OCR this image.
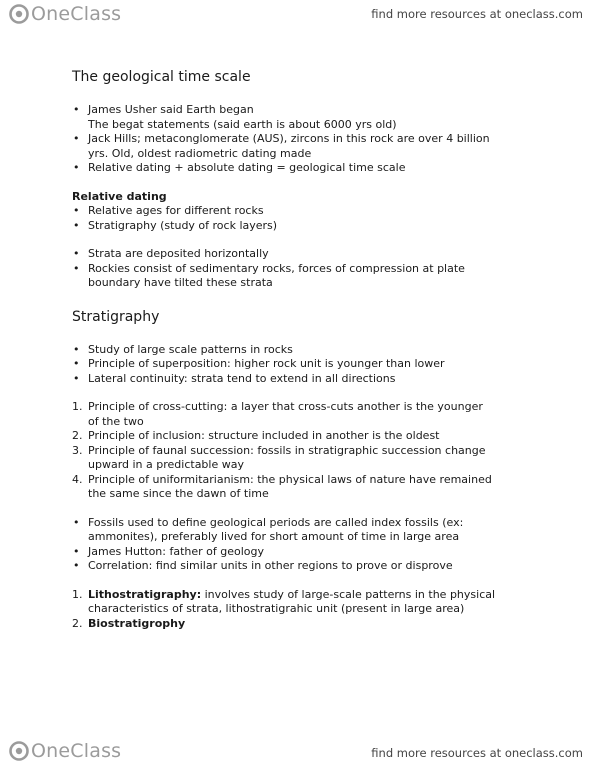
OneClass	find more resources at oneclass.com
The geological time scale
• James Usher said Earth began
The begat statements (said earth is about 6000 yrs old)
• Jack Hills; metaconglomerate (AUS), zircons in this rock are over 4 billion
yrs. Old, oldest radiometric dating made
• Relative dating + absolute dating = geological time scale
Relative dating
• Relative ages for different rocks
• Stratigraphy (study of rock layers)
• Strata are deposited horizontally
• Rockies consist of sedimentary rocks, forces of compression at plate
boundary have tilted these strata
Stratigraphy
• Study of large scale patterns in rocks
• Principle of superposition: higher rock unit is younger than lower
• Lateral continuity: strata tend to extend in all directions
1. Principle of cross-cutting: a layer that cross-cuts another is the younger
of the two
2. Principle of inclusion: structure included in another is the oldest
3. Principle of faunal succession: fossils in stratigraphic succession change
upward in a predictable way
4. Principle of uniformitarianism: the physical laws of nature have remained
the same since the dawn of time
• Fossils used to define geological periods are called index fossils (ex:
ammonites), preferably lived for short amount of time in large area
• James Hutton: father of geology
• Correlation: find similar units in other regions to prove or disprove
1. Lithostratigraphy: involves study of large-scale patterns in the physical
characteristics of strata, lithostratigrahic unit (present in large area)
2. Biostratigrophy
OneClass	find more resources at oneclass.com
